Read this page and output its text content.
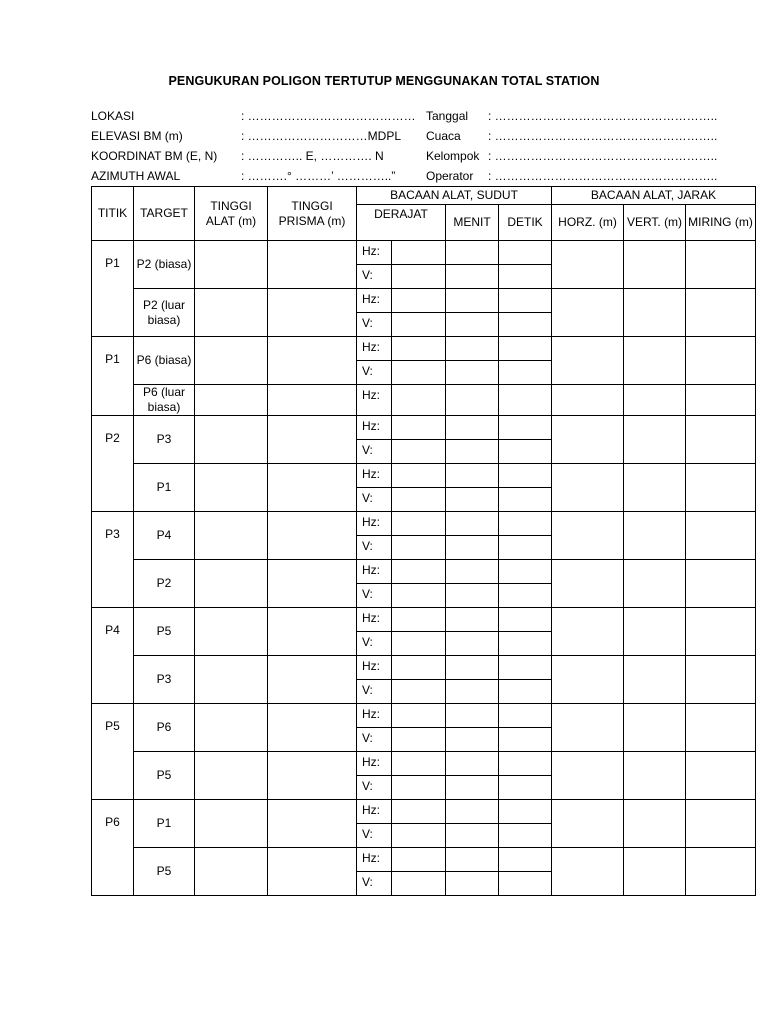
PENGUKURAN POLIGON TERTUTUP MENGGUNAKAN TOTAL STATION
LOKASI	: …………………………………… Tanggal	: ………………………………………………..
ELEVASI BM (m)	: …………………………MDPL	Cuaca	: ………………………………………………..
KOORDINAT BM (E, N)	: ………….. E, …………. N	Kelompok : ………………………………………………..
AZIMUTH AWAL	: ……….° ………’ …………..”	Operator	: ………………………………………………..
TITIK	TARGET	TINGGI ALAT (m)	TINGGI PRISMA (m)	BACAAN ALAT, SUDUT				BACAAN ALAT, JARAK		
				DERAJAT		MENIT	DETIK	HORZ. (m)	VERT. (m)	MIRING (m)
P1	P2 (biasa)			Hz:						
				V:						
	P2 (luar biasa)			Hz:						
				V:						
P1	P6 (biasa)			Hz:						
				V:						
	P6 (luar biasa)			Hz:						
P2	P3			Hz:						
				V:						
	P1			Hz:						
				V:						
P3	P4			Hz:						
				V:						
	P2			Hz:						
				V:						
P4	P5			Hz:						
				V:						
	P3			Hz:						
				V:						
P5	P6			Hz:						
				V:						
	P5			Hz:						
				V:						
P6	P1			Hz:						
				V:						
	P5			Hz:						
				V:						
